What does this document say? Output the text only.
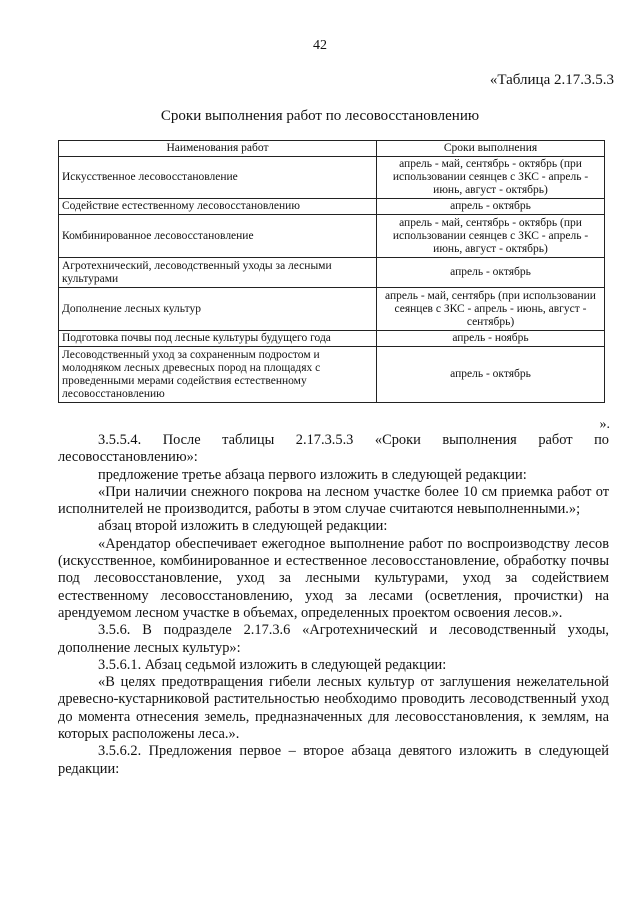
42
«Таблица 2.17.3.5.3
Сроки выполнения работ по лесовосстановлению
Наименования работ	Сроки выполнения
Искусственное лесовосстановление	апрель - май, сентябрь - октябрь (при использовании сеянцев с ЗКС - апрель - июнь, август - октябрь)
Содействие естественному лесовосстановлению	апрель - октябрь
Комбинированное лесовосстановление	апрель - май, сентябрь - октябрь (при использовании сеянцев с ЗКС - апрель - июнь, август - октябрь)
Агротехнический, лесоводственный уходы за лесными культурами	апрель - октябрь
Дополнение лесных культур	апрель - май, сентябрь (при использовании сеянцев с ЗКС - апрель - июнь, август - сентябрь)
Подготовка почвы под лесные культуры будущего года	апрель - ноябрь
Лесоводственный уход за сохраненным подростом и молодняком лесных древесных пород на площадях с проведенными мерами содействия естественному лесовосстановлению	апрель - октябрь
».

3.5.5.4. После таблицы 2.17.3.5.3 «Сроки выполнения работ по лесовосстановлению»:

предложение третье абзаца первого изложить в следующей редакции:

«При наличии снежного покрова на лесном участке более 10 см приемка работ от исполнителей не производится, работы в этом случае считаются невыполненными.»;

абзац второй изложить в следующей редакции:

«Арендатор обеспечивает ежегодное выполнение работ по воспроизводству лесов (искусственное, комбинированное и естественное лесовосстановление, обработку почвы под лесовосстановление, уход за лесными культурами, уход за содействием естественному лесовосстановлению, уход за лесами (осветления, прочистки) на арендуемом лесном участке в объемах, определенных проектом освоения лесов.».

3.5.6. В подразделе 2.17.3.6 «Агротехнический и лесоводственный уходы, дополнение лесных культур»:

3.5.6.1. Абзац седьмой изложить в следующей редакции:

«В целях предотвращения гибели лесных культур от заглушения нежелательной древесно-кустарниковой растительностью необходимо проводить лесоводственный уход до момента отнесения земель, предназначенных для лесовосстановления, к землям, на которых расположены леса.».

3.5.6.2. Предложения первое – второе абзаца девятого изложить в следующей редакции:
